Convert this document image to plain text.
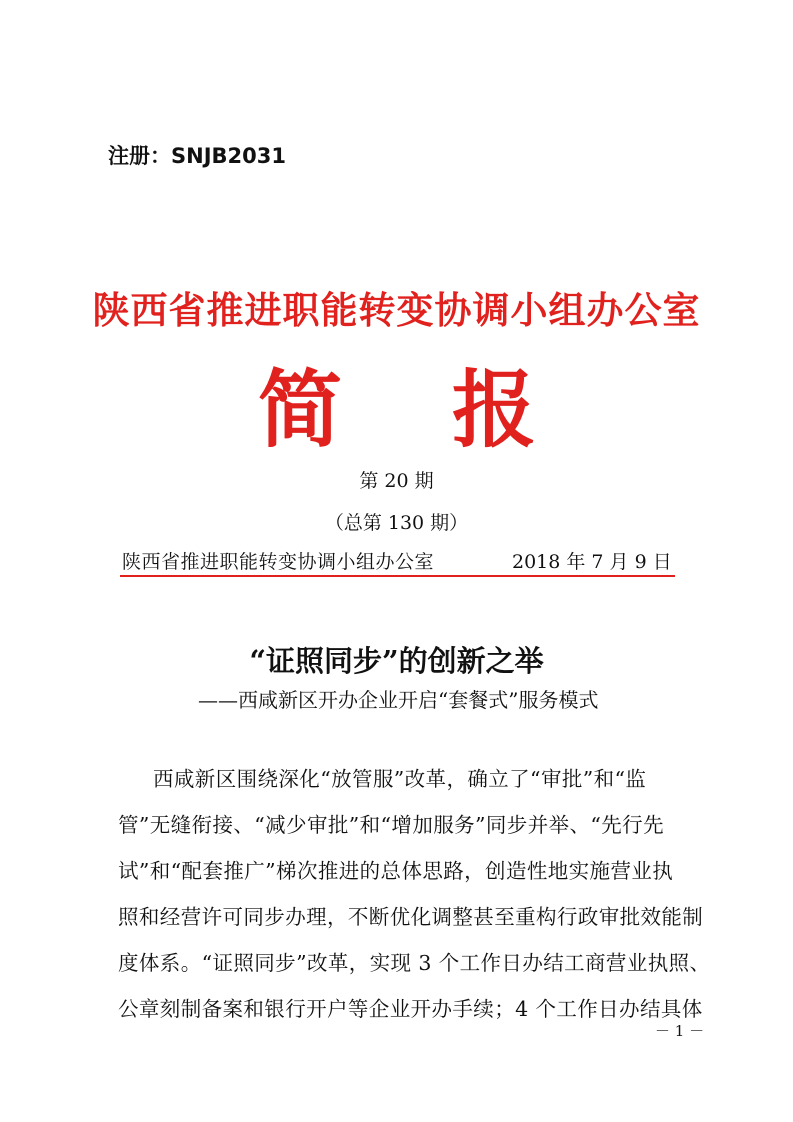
注册：SNJB2031
陕西省推进职能转变协调小组办公室
简 报
第 20 期
（总第 130 期）
陕西省推进职能转变协调小组办公室	2018 年 7 月 9 日
“证照同步”的创新之举
——西咸新区开办企业开启“套餐式”服务模式
西咸新区围绕深化“放管服”改革，确立了“审批”和“监
管”无缝衔接、“减少审批”和“增加服务”同步并举、“先行先
试”和“配套推广”梯次推进的总体思路，创造性地实施营业执
照和经营许可同步办理，不断优化调整甚至重构行政审批效能制
度体系。“证照同步”改革，实现 3 个工作日办结工商营业执照、
公章刻制备案和银行开户等企业开办手续；4 个工作日办结具体
－ 1 －
